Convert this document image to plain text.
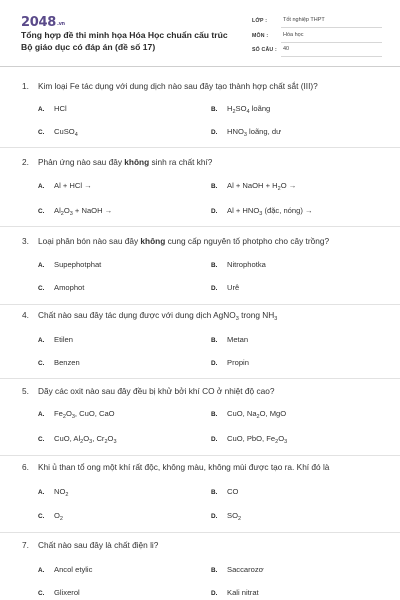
2048.vn
Tổng hợp đề thi minh họa Hóa Học chuẩn cấu trúc Bộ giáo dục có đáp án (đề số 17)
LỚP :	Tốt nghiệp THPT
MÔN :	Hóa học
SỐ CÂU : 40
1. Kim loại Fe tác dụng với dung dịch nào sau đây tạo thành hợp chất sắt (III)?
A. HCl	B. $H_2SO_4$ loãng
C. CuSO$_4$	D. $HNO_3$ loãng, dư
2. Phản ứng nào sau đây không sinh ra chất khí?
A. Al + HCl →	B. Al + NaOH + $H_2O$ →
C. $Al_2O_3$ + NaOH →	D. $Al + HNO_3$ (đặc, nóng) →
3. Loại phân bón nào sau đây không cung cấp nguyên tố photpho cho cây trồng?
A. Supephotphat	B. Nitrophotka
C. Amophot	D. Urê
4. Chất nào sau đây tác dụng được với dung dịch AgNO$_3$ trong $NH_3$
A. Etilen	B. Metan
C. Benzen	D. Propin
5. Dãy các oxit nào sau đây đều bị khử bởi khí CO ở nhiệt độ cao?
A. $Fe_2O_3$, CuO, CaO	B. CuO, $Na_2O$, MgO
C. CuO, $Al_2O_3$, $Cr_2O_3$	D. CuO, PbO, $Fe_2O_3$
6. Khi ủ than tổ ong một khí rất độc, không màu, không mùi được tạo ra. Khí đó là
A. $NO_2$	B. CO
C. $O_2$	D. $SO_2$
7. Chất nào sau đây là chất điện li?
A. Ancol etylic	B. Saccarozơ
C. Glixerol	D. Kali nitrat
